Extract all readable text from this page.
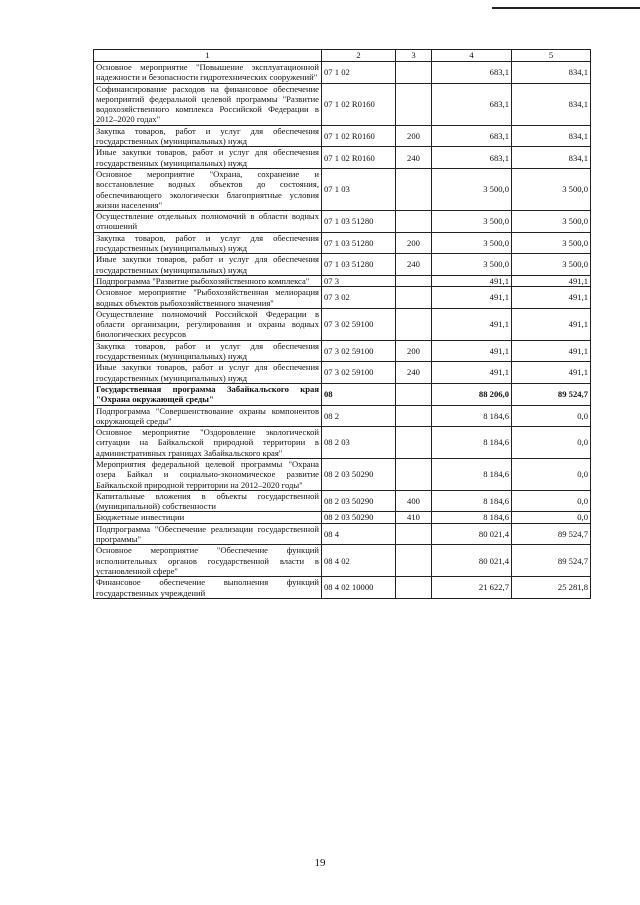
1	2	3	4	5
Основное мероприятие "Повышение эксплуатационной надежности и безопасности гидротехнических сооружений"	07 1 02		683,1	834,1
Софинансирование расходов на финансовое обеспечение мероприятий федеральной целевой программы "Развитие водохозяйственного комплекса Российской Федерации в 2012–2020 годах"	07 1 02 R0160		683,1	834,1
Закупка товаров, работ и услуг для обеспечения государственных (муниципальных) нужд	07 1 02 R0160	200	683,1	834,1
Иные закупки товаров, работ и услуг для обеспечения государственных (муниципальных) нужд	07 1 02 R0160	240	683,1	834,1
Основное мероприятие "Охрана, сохранение и восстановление водных объектов до состояния, обеспечивающего экологически благоприятные условия жизни населения"	07 1 03		3 500,0	3 500,0
Осуществление отдельных полномочий в области водных отношений	07 1 03 51280		3 500,0	3 500,0
Закупка товаров, работ и услуг для обеспечения государственных (муниципальных) нужд	07 1 03 51280	200	3 500,0	3 500,0
Иные закупки товаров, работ и услуг для обеспечения государственных (муниципальных) нужд	07 1 03 51280	240	3 500,0	3 500,0
Подпрограмма "Развитие рыбохозяйственного комплекса"	07 3		491,1	491,1
Основное мероприятие "Рыбохозяйственная мелиорация водных объектов рыбохозяйственного значения"	07 3 02		491,1	491,1
Осуществление полномочий Российской Федерации в области организации, регулирования и охраны водных биологических ресурсов	07 3 02 59100		491,1	491,1
Закупка товаров, работ и услуг для обеспечения государственных (муниципальных) нужд	07 3 02 59100	200	491,1	491,1
Иные закупки товаров, работ и услуг для обеспечения государственных (муниципальных) нужд	07 3 02 59100	240	491,1	491,1
Государственная программа Забайкальского края "Охрана окружающей среды"	08		88 206,0	89 524,7
Подпрограмма "Совершенствование охраны компонентов окружающей среды"	08 2		8 184,6	0,0
Основное мероприятие "Оздоровление экологической ситуации на Байкальской природной территории в административных границах Забайкальского края"	08 2 03		8 184,6	0,0
Мероприятия федеральной целевой программы "Охрана озера Байкал и социально-экономическое развитие Байкальской природной территории на 2012–2020 годы"	08 2 03 50290		8 184,6	0,0
Капитальные вложения в объекты государственной (муниципальной) собственности	08 2 03 50290	400	8 184,6	0,0
Бюджетные инвестиции	08 2 03 50290	410	8 184,6	0,0
Подпрограмма "Обеспечение реализации государственной программы"	08 4		80 021,4	89 524,7
Основное мероприятие "Обеспечение функций исполнительных органов государственной власти в установленной сфере"	08 4 02		80 021,4	89 524,7
Финансовое обеспечение выполнения функций государственных учреждений	08 4 02 10000		21 622,7	25 281,8
19
